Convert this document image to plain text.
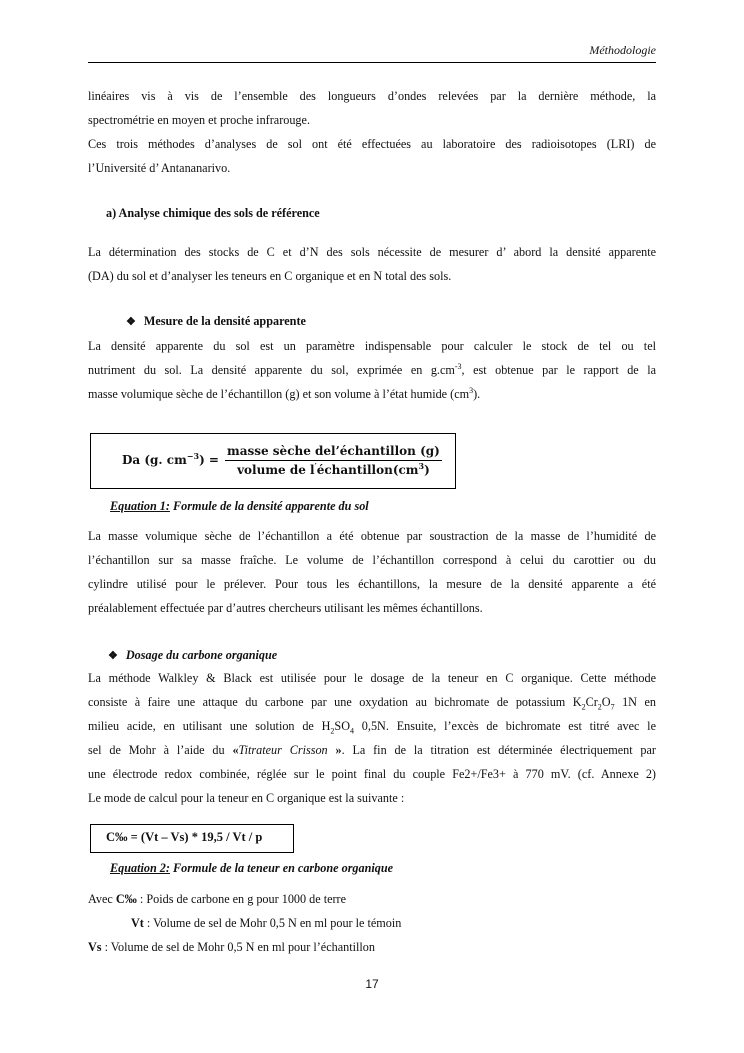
Méthodologie
linéaires vis à vis de l’ensemble des longueurs d’ondes relevées par la dernière méthode, la
spectrométrie en moyen et proche infrarouge.
Ces trois méthodes d’analyses de sol ont été effectuées au laboratoire des radioisotopes (LRI) de
l’Université d’ Antananarivo.
a) Analyse chimique des sols de référence
La détermination des stocks de C et d’N des sols nécessite de mesurer d’ abord la densité apparente
(DA) du sol et d’analyser les teneurs en C organique et en N total des sols.
❖ Mesure de la densité apparente
La densité apparente du sol est un paramètre indispensable pour calculer le stock de tel ou tel
nutriment du sol. La densité apparente du sol, exprimée en $g.cm^{-3}$, est obtenue par le rapport de la
masse volumique sèche de l’échantillon (g) et son volume à l’état humide $(cm^3)$.
Da (g. $cm^{-3}) = \frac{\text{masse sèche del’échantillon (g)}}{volume de l'échantillon(cm^3)}$
Equation 1: Formule de la densité apparente du sol
La masse volumique sèche de l’échantillon a été obtenue par soustraction de la masse de l’humidité de
l’échantillon sur sa masse fraîche. Le volume de l’échantillon correspond à celui du carottier ou du
cylindre utilisé pour le prélever. Pour tous les échantillons, la mesure de la densité apparente a été
préalablement effectuée par d’autres chercheurs utilisant les mêmes échantillons.
❖ Dosage du carbone organique
La méthode Walkley & Black est utilisée pour le dosage de la teneur en C organique. Cette méthode
consiste à faire une attaque du carbone par une oxydation au bichromate de potassium $K_2Cr_2O_7$ 1N en
milieu acide, en utilisant une solution de $H_2SO_4$ 0,5N. Ensuite, l’excès de bichromate est titré avec le
sel de Mohr à l’aide du «Titrateur Crisson ». La fin de la titration est déterminée électriquement par
une électrode redox combinée, réglée sur le point final du couple Fe2+/Fe3+ à 770 mV. (cf. Annexe 2)
Le mode de calcul pour la teneur en C organique est la suivante :
C‰ = (Vt – Vs) * 19,5 / Vt / p
Equation 2: Formule de la teneur en carbone organique
Avec C‰ : Poids de carbone en g pour 1000 de terre
Vt : Volume de sel de Mohr 0,5 N en ml pour le témoin
Vs : Volume de sel de Mohr 0,5 N en ml pour l’échantillon
17
